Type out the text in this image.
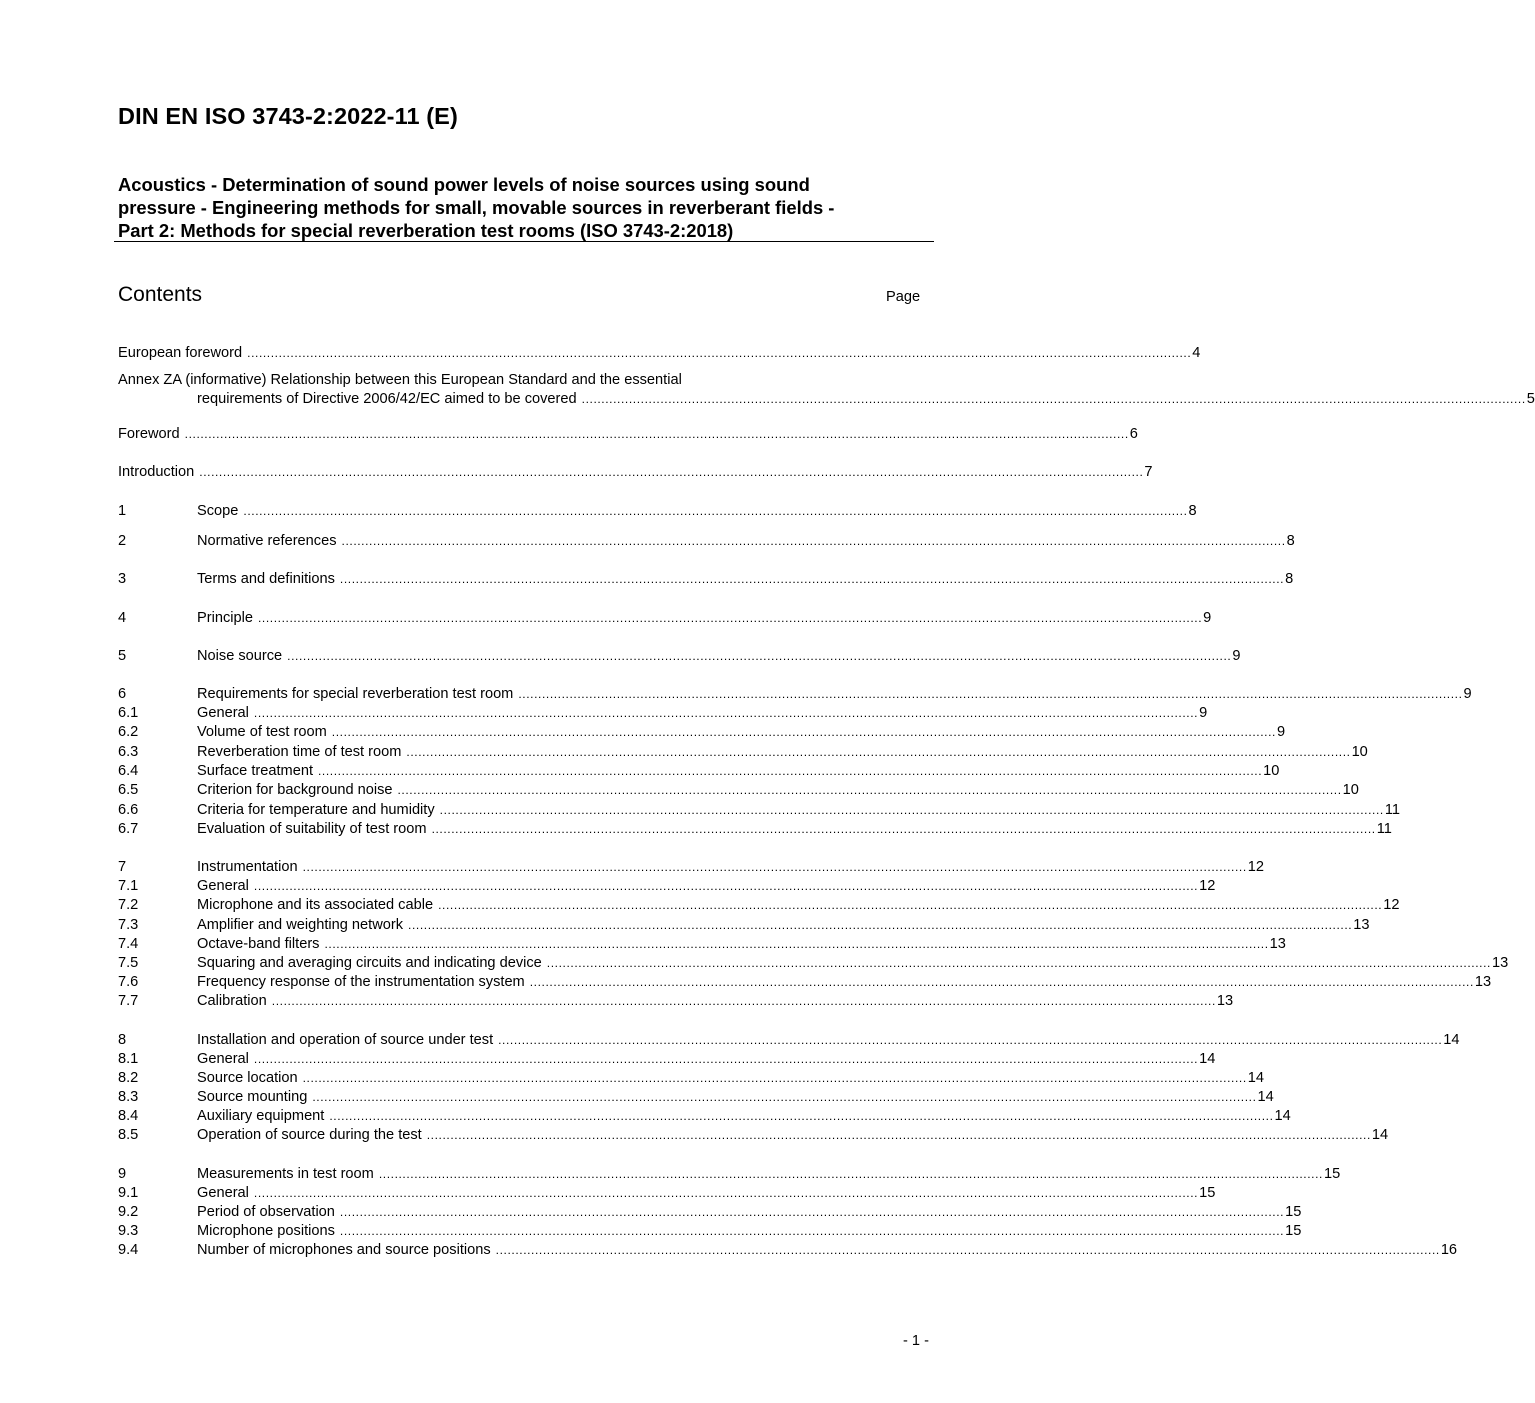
DIN EN ISO 3743-2:2022-11 (E)
Acoustics - Determination of sound power levels of noise sources using sound
pressure - Engineering methods for small, movable sources in reverberant fields -
Part 2: Methods for special reverberation test rooms (ISO 3743-2:2018)
Contents	Page
European foreword ................................................................................................................................................................................................................................................ 4
Annex ZA (informative) Relationship between this European Standard and the essential
requirements of Directive 2006/42/EC aimed to be covered ................................................................................................................................................................................................................................................ 5
Foreword ................................................................................................................................................................................................................................................ 6
Introduction ................................................................................................................................................................................................................................................ 7
1	Scope ................................................................................................................................................................................................................................................ 8
2	Normative references ................................................................................................................................................................................................................................................ 8
3	Terms and definitions ................................................................................................................................................................................................................................................ 8
4	Principle ................................................................................................................................................................................................................................................ 9
5	Noise source ................................................................................................................................................................................................................................................ 9
6	Requirements for special reverberation test room ................................................................................................................................................................................................................................................ 9
6.1	General ................................................................................................................................................................................................................................................ 9
6.2	Volume of test room ................................................................................................................................................................................................................................................ 9
6.3	Reverberation time of test room ................................................................................................................................................................................................................................................ 10
6.4	Surface treatment ................................................................................................................................................................................................................................................ 10
6.5	Criterion for background noise ................................................................................................................................................................................................................................................ 10
6.6	Criteria for temperature and humidity ................................................................................................................................................................................................................................................ 11
6.7	Evaluation of suitability of test room ................................................................................................................................................................................................................................................ 11
7	Instrumentation ................................................................................................................................................................................................................................................ 12
7.1	General ................................................................................................................................................................................................................................................ 12
7.2	Microphone and its associated cable ................................................................................................................................................................................................................................................ 12
7.3	Amplifier and weighting network ................................................................................................................................................................................................................................................ 13
7.4	Octave-band filters ................................................................................................................................................................................................................................................ 13
7.5	Squaring and averaging circuits and indicating device ................................................................................................................................................................................................................................................ 13
7.6	Frequency response of the instrumentation system ................................................................................................................................................................................................................................................ 13
7.7	Calibration ................................................................................................................................................................................................................................................ 13
8	Installation and operation of source under test ................................................................................................................................................................................................................................................ 14
8.1	General ................................................................................................................................................................................................................................................ 14
8.2	Source location ................................................................................................................................................................................................................................................ 14
8.3	Source mounting ................................................................................................................................................................................................................................................ 14
8.4	Auxiliary equipment ................................................................................................................................................................................................................................................ 14
8.5	Operation of source during the test ................................................................................................................................................................................................................................................ 14
9	Measurements in test room ................................................................................................................................................................................................................................................ 15
9.1	General ................................................................................................................................................................................................................................................ 15
9.2	Period of observation ................................................................................................................................................................................................................................................ 15
9.3	Microphone positions ................................................................................................................................................................................................................................................ 15
9.4	Number of microphones and source positions ................................................................................................................................................................................................................................................ 16
- 1 -
